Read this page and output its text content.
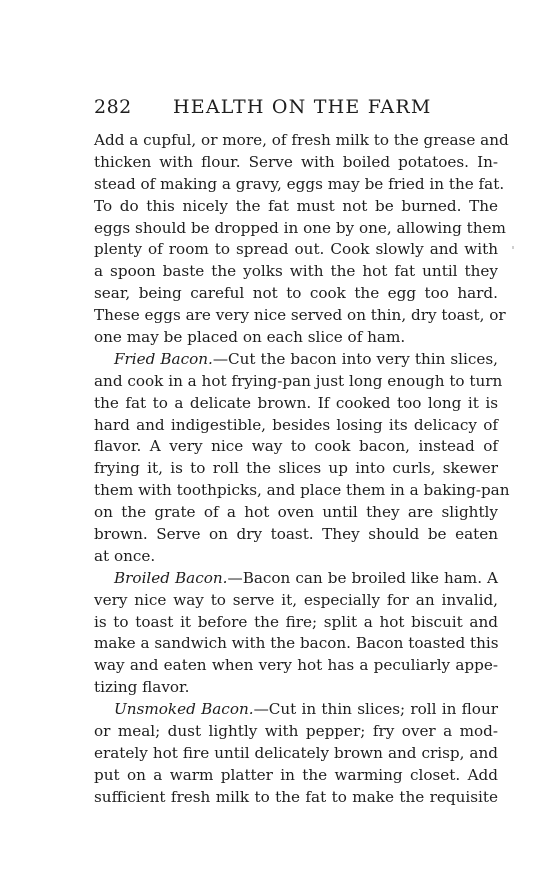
282 HEALTH ON THE FARM
Add a cupful, or more, of fresh milk to the grease and
thicken with flour. Serve with boiled potatoes. In-
stead of making a gravy, eggs may be fried in the fat.
To do this nicely the fat must not be burned. The
eggs should be dropped in one by one, allowing them
plenty of room to spread out. Cook slowly and with
a spoon baste the yolks with the hot fat until they
sear, being careful not to cook the egg too hard.
These eggs are very nice served on thin, dry toast, or
one may be placed on each slice of ham.
Fried Bacon.—Cut the bacon into very thin slices,
and cook in a hot frying-pan just long enough to turn
the fat to a delicate brown. If cooked too long it is
hard and indigestible, besides losing its delicacy of
flavor. A very nice way to cook bacon, instead of
frying it, is to roll the slices up into curls, skewer
them with toothpicks, and place them in a baking-pan
on the grate of a hot oven until they are slightly
brown. Serve on dry toast. They should be eaten
at once.
Broiled Bacon.—Bacon can be broiled like ham. A
very nice way to serve it, especially for an invalid,
is to toast it before the fire; split a hot biscuit and
make a sandwich with the bacon. Bacon toasted this
way and eaten when very hot has a peculiarly appe-
tizing flavor.
Unsmoked Bacon.—Cut in thin slices; roll in flour
or meal; dust lightly with pepper; fry over a mod-
erately hot fire until delicately brown and crisp, and
put on a warm platter in the warming closet. Add
sufficient fresh milk to the fat to make the requisite
